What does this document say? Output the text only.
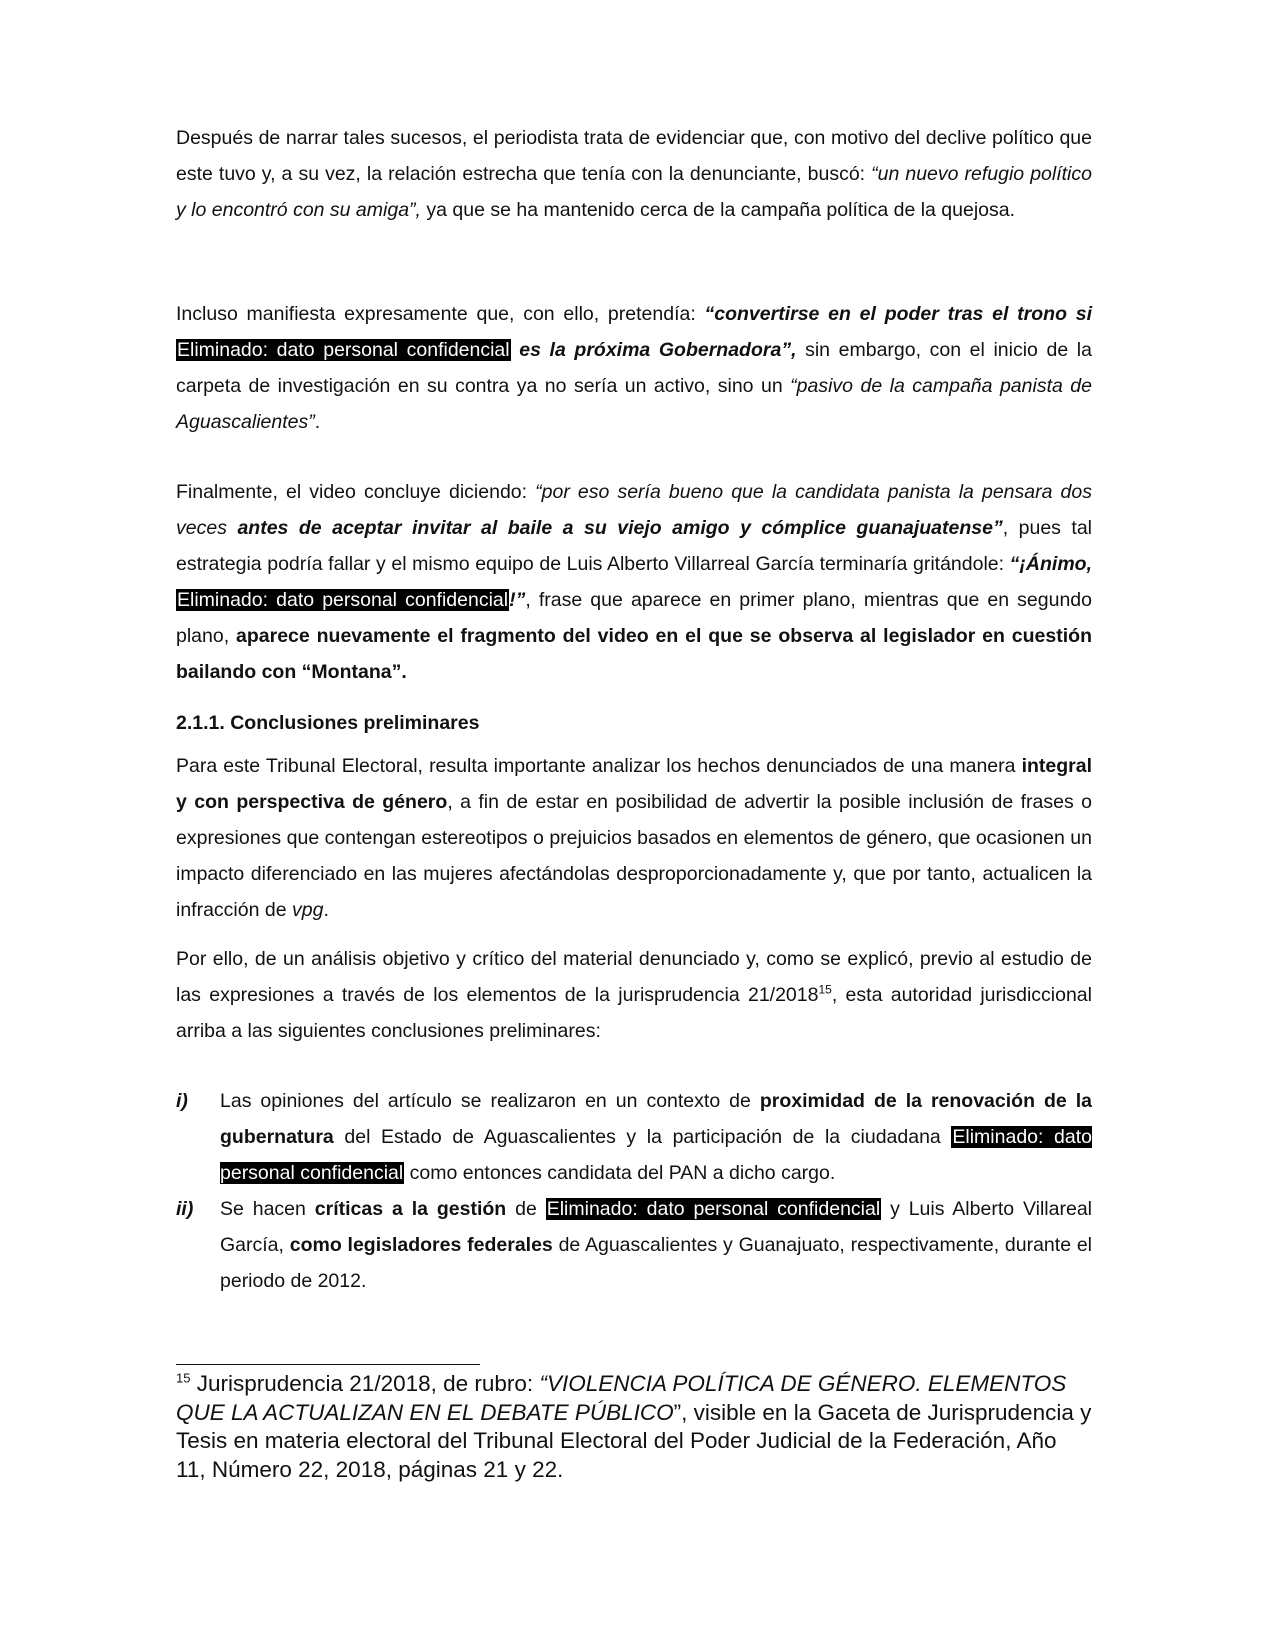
Después de narrar tales sucesos, el periodista trata de evidenciar que, con motivo del declive político que este tuvo y, a su vez, la relación estrecha que tenía con la denunciante, buscó: “un nuevo refugio político y lo encontró con su amiga”, ya que se ha mantenido cerca de la campaña política de la quejosa.

Incluso manifiesta expresamente que, con ello, pretendía: “convertirse en el poder tras el trono si Eliminado: dato personal confidencial es la próxima Gobernadora”, sin embargo, con el inicio de la carpeta de investigación en su contra ya no sería un activo, sino un “pasivo de la campaña panista de Aguascalientes”.

Finalmente, el video concluye diciendo: “por eso sería bueno que la candidata panista la pensara dos veces antes de aceptar invitar al baile a su viejo amigo y cómplice guanajuatense”, pues tal estrategia podría fallar y el mismo equipo de Luis Alberto Villarreal García terminaría gritándole: “¡Ánimo, Eliminado: dato personal confidencial!”, frase que aparece en primer plano, mientras que en segundo plano, aparece nuevamente el fragmento del video en el que se observa al legislador en cuestión bailando con “Montana”.

2.1.1. Conclusiones preliminares

Para este Tribunal Electoral, resulta importante analizar los hechos denunciados de una manera integral y con perspectiva de género, a fin de estar en posibilidad de advertir la posible inclusión de frases o expresiones que contengan estereotipos o prejuicios basados en elementos de género, que ocasionen un impacto diferenciado en las mujeres afectándolas desproporcionadamente y, que por tanto, actualicen la infracción de vpg.

Por ello, de un análisis objetivo y crítico del material denunciado y, como se explicó, previo al estudio de las expresiones a través de los elementos de la jurisprudencia 21/2018$^{15}$, esta autoridad jurisdiccional arriba a las siguientes conclusiones preliminares:

i)	Las opiniones del artículo se realizaron en un contexto de proximidad de la renovación de la gubernatura del Estado de Aguascalientes y la participación de la ciudadana Eliminado: dato personal confidencial como entonces candidata del PAN a dicho cargo.
ii)	Se hacen críticas a la gestión de Eliminado: dato personal confidencial y Luis Alberto Villareal García, como legisladores federales de Aguascalientes y Guanajuato, respectivamente, durante el periodo de 2012.

$^{15}$ Jurisprudencia 21/2018, de rubro: “VIOLENCIA POLÍTICA DE GÉNERO. ELEMENTOS QUE LA ACTUALIZAN EN EL DEBATE PÚBLICO”, visible en la Gaceta de Jurisprudencia y Tesis en materia electoral del Tribunal Electoral del Poder Judicial de la Federación, Año 11, Número 22, 2018, páginas 21 y 22.
